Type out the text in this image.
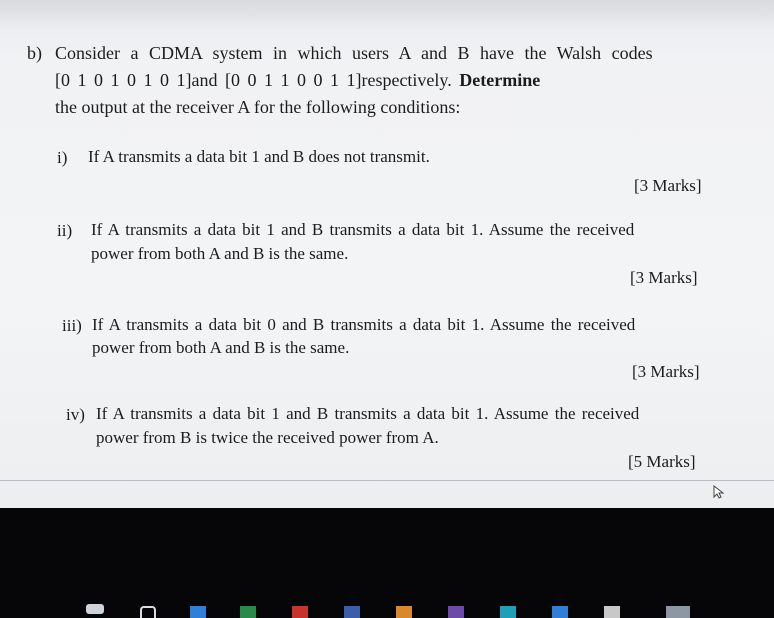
b) Consider a CDMA system in which users A and B have the Walsh codes
[0 1 0 1 0 1 0 1]and [0 0 1 1 0 0 1 1]respectively. Determine
the output at the receiver A for the following conditions:
i) If A transmits a data bit 1 and B does not transmit.
[3 Marks]
ii) If A transmits a data bit 1 and B transmits a data bit 1. Assume the received
power from both A and B is the same.
[3 Marks]
iii) If A transmits a data bit 0 and B transmits a data bit 1. Assume the received
power from both A and B is the same.
[3 Marks]
iv) If A transmits a data bit 1 and B transmits a data bit 1. Assume the received
power from B is twice the received power from A.
[5 Marks]
